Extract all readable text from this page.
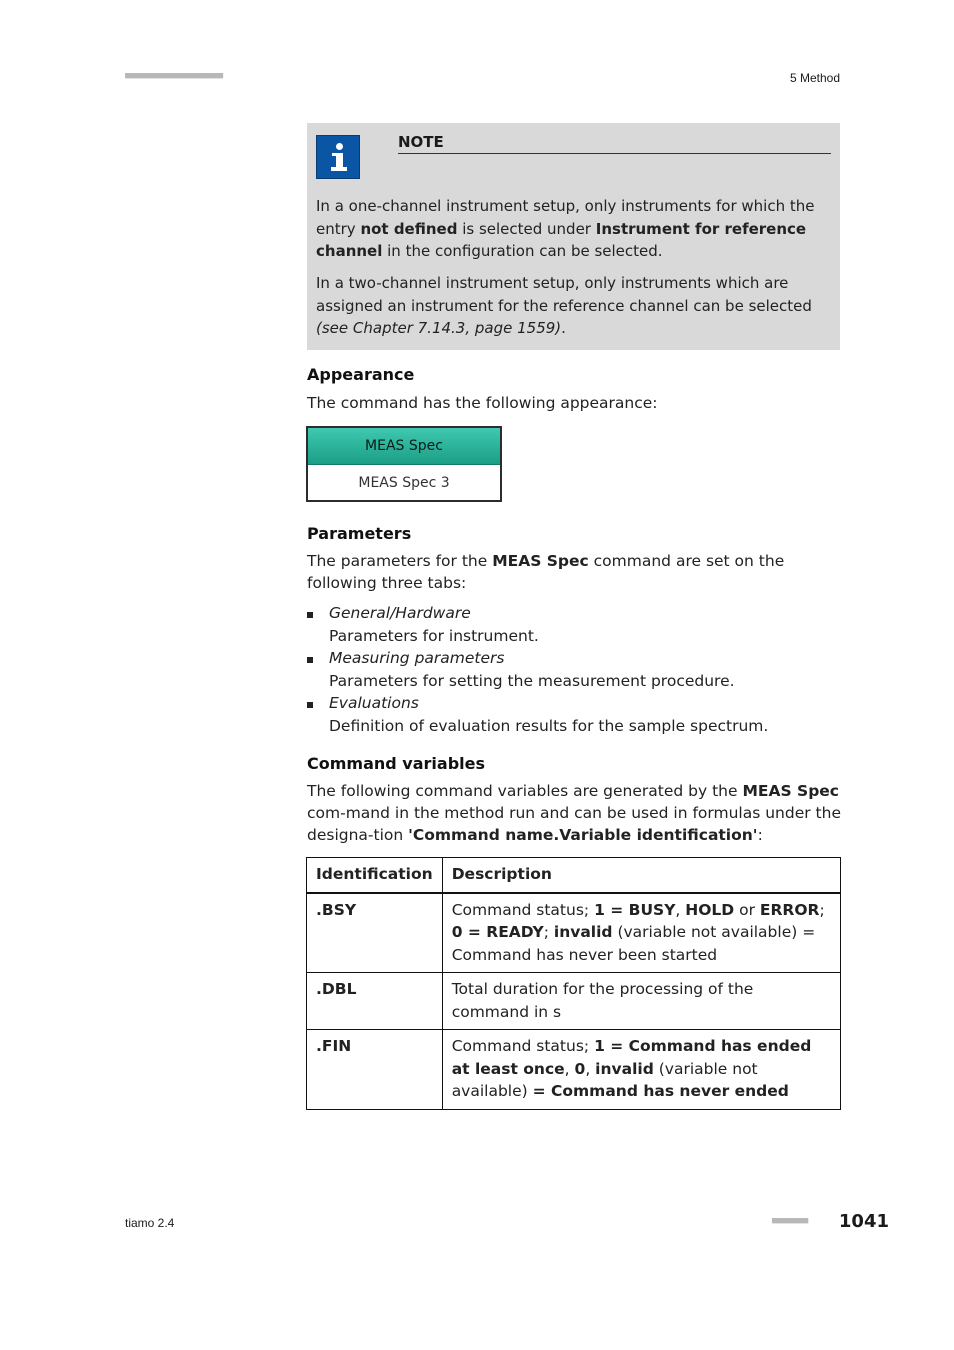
■■■■■■■■■■■■■■■■■■■■■■	5 Method
NOTE
In a one-channel instrument setup, only instruments for which the entry not defined is selected under Instrument for reference channel in the configuration can be selected.
In a two-channel instrument setup, only instruments which are assigned an instrument for the reference channel can be selected (see Chapter 7.14.3, page 1559).
Appearance
The command has the following appearance:
MEAS Spec
MEAS Spec 3
Parameters
The parameters for the MEAS Spec command are set on the following three tabs:
General/Hardware
Parameters for instrument.
Measuring parameters
Parameters for setting the measurement procedure.
Evaluations
Definition of evaluation results for the sample spectrum.
Command variables
The following command variables are generated by the MEAS Spec com-mand in the method run and can be used in formulas under the designa-tion 'Command name.Variable identification':
Identification	Description
.BSY	Command status; 1 = BUSY, HOLD or ERROR; 0 = READY; invalid (variable not available) = Command has never been started
.DBL	Total duration for the processing of the command in s
.FIN	Command status; 1 = Command has ended at least once, 0, invalid (variable not available) = Command has never ended
tiamo 2.4	■■■■■■■■	1041
